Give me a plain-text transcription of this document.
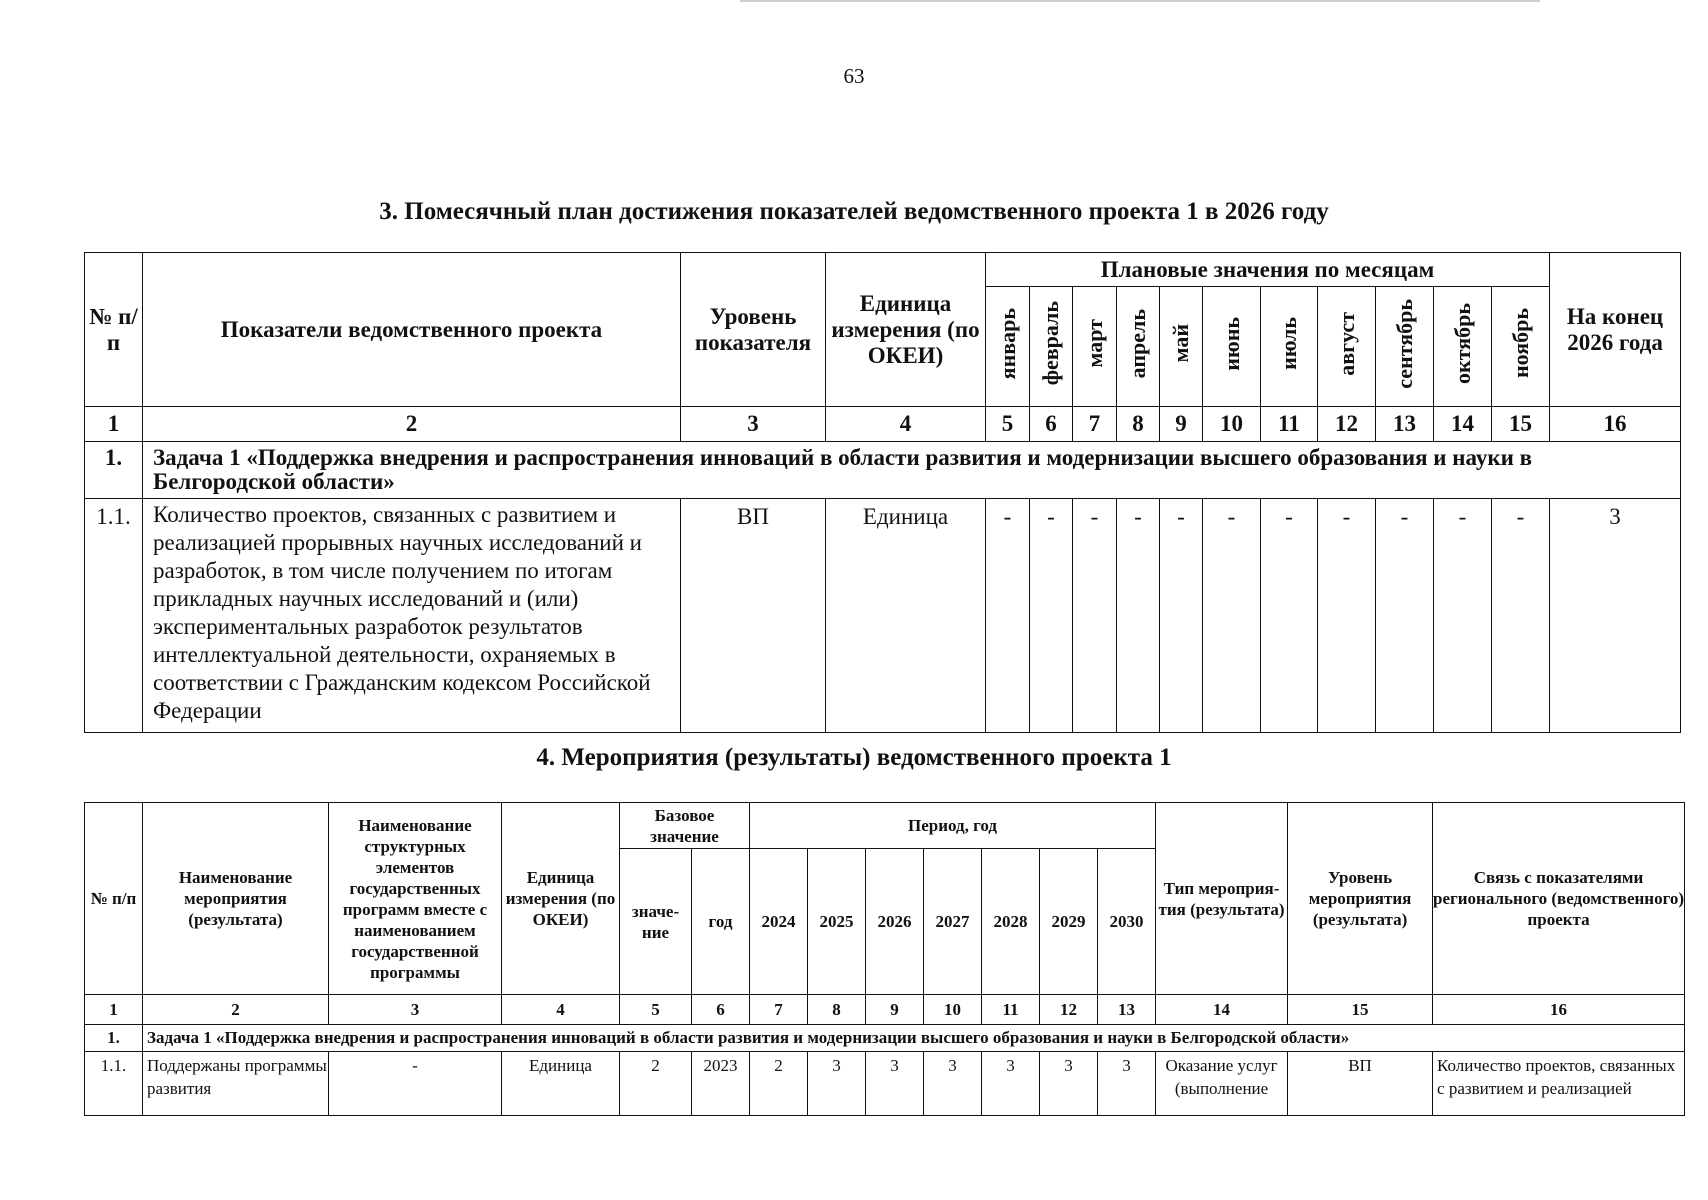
63
3. Помесячный план достижения показателей ведомственного проекта 1 в 2026 году
№ п/п	Показатели ведомственного проекта	Уровень показателя	Единица измерения (по ОКЕИ)	Плановые значения по месяцам											На конец 2026 года
				январь	февраль	март	апрель	май	июнь	июль	август	сентябрь	октябрь	ноябрь	
1	2	3	4	5	6	7	8	9	10	11	12	13	14	15	16
1.	Задача 1 «Поддержка внедрения и распространения инноваций в области развития и модернизации высшего образования и науки в Белгородской области»														
1.1.	Количество проектов, связанных с развитием и реализацией прорывных научных исследований и разработок, в том числе получением по итогам прикладных научных исследований и (или) экспериментальных разработок результатов интеллектуальной деятельности, охраняемых в соответствии с Гражданским кодексом Российской Федерации	ВП	Единица	-	-	-	-	-	-	-	-	-	-	-	3
4. Мероприятия (результаты) ведомственного проекта 1
№ п/п	Наименование мероприятия (результата)	Наименование структурных элементов государственных программ вместе с наименованием государственной программы	Единица измерения (по ОКЕИ)	Базовое значение		Период, год							Тип мероприя-тия (результата)	Уровень мероприятия (результата)	Связь с показателями регионального (ведомственного) проекта
				значе-ние	год	2024	2025	2026	2027	2028	2029	2030			
1	2	3	4	5	6	7	8	9	10	11	12	13	14	15	16
1.	Задача 1 «Поддержка внедрения и распространения инноваций в области развития и модернизации высшего образования и науки в Белгородской области»														
1.1.	Поддержаны программы развития	-	Единица	2	2023	2	3	3	3	3	3	3	Оказание услуг (выполнение	ВП	Количество проектов, связанных с развитием и реализацией
